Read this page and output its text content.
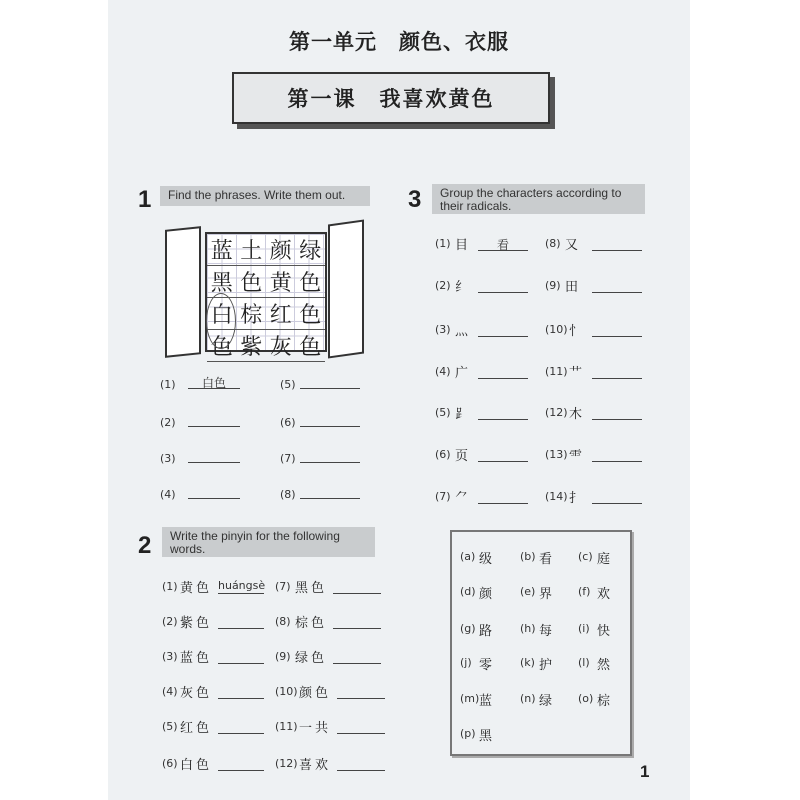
第一单元　颜色、衣服
第一课　我喜欢黄色
1	Find the phrases. Write them out.
蓝 土 颜 绿
黑 色 黄 色
白 棕 红 色
色 紫 灰 色
3	Group the characters according to their radicals.
2	Write the pinyin for the following words.
1
(1)	白色
(2)
(3)
(4)
(5)
(6)
(7)
(8)
(1) 目	看
(2) 纟
(3) 灬
(4) 广
(5) ⻊
(6) 页
(7) ⺈
(8) 又
(9) 田
(10) 忄
(11) 艹
(12) 木
(13) ⻗
(14) 扌
(1) 黄色 huángsè
(2) 紫色
(3) 蓝色
(4) 灰色
(5) 红色
(6) 白色
(7) 黑色
(8) 棕色
(9) 绿色
(10) 颜色
(11) 一共
(12) 喜欢
(a) 级	(b) 看 (c) 庭
(d) 颜	(e) 界 (f) 欢
(g) 路	(h) 每 (i) 快
(j) 零	(k) 护 (l) 然
(m) 蓝	(n) 绿 (o) 棕
(p) 黑
